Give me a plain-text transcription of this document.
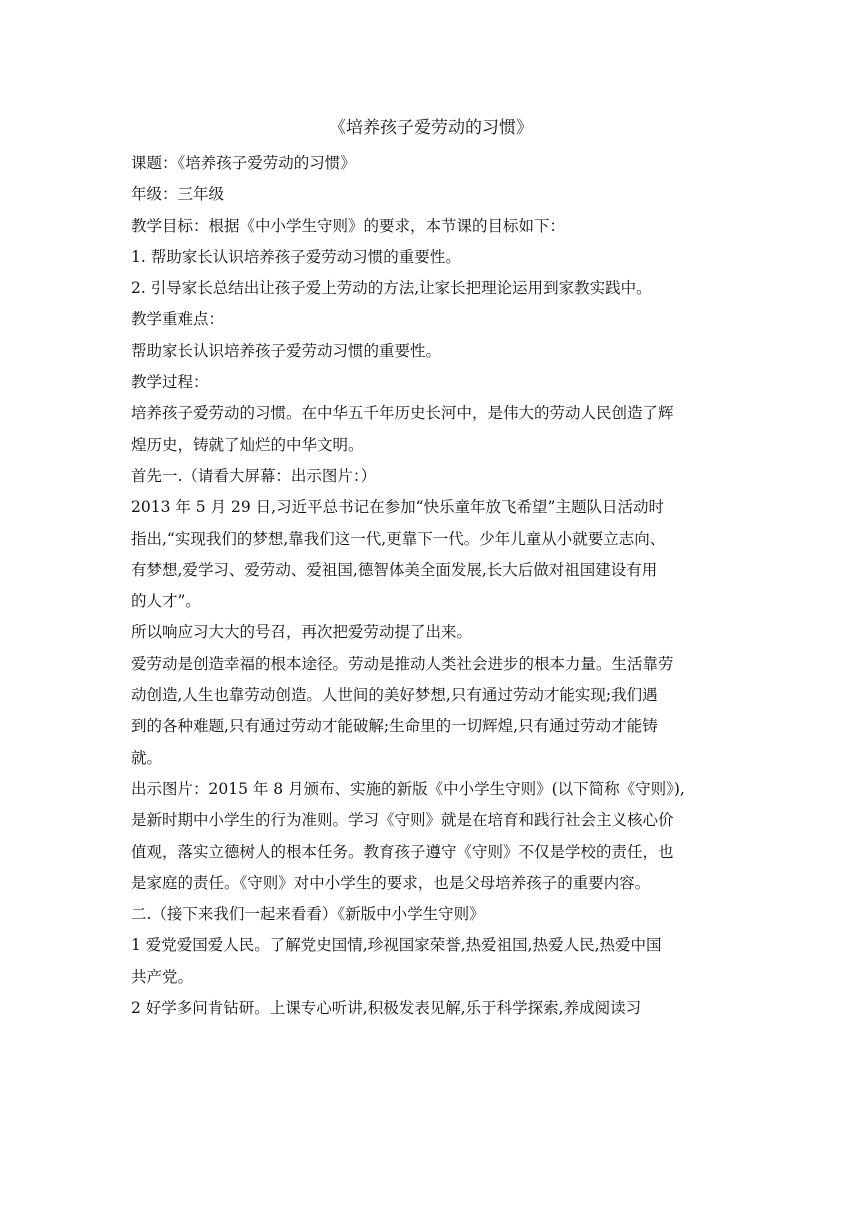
《培养孩子爱劳动的习惯》
课题：《培养孩子爱劳动的习惯》
年级：三年级
教学目标：根据《中小学生守则》的要求，本节课的目标如下：
1. 帮助家长认识培养孩子爱劳动习惯的重要性。
2. 引导家长总结出让孩子爱上劳动的方法,让家长把理论运用到家教实践中。
教学重难点：
帮助家长认识培养孩子爱劳动习惯的重要性。
教学过程：
培养孩子爱劳动的习惯。在中华五千年历史长河中，是伟大的劳动人民创造了辉
煌历史，铸就了灿烂的中华文明。
首先一.（请看大屏幕：出示图片：）
2013 年 5 月 29 日,习近平总书记在参加“快乐童年放飞希望”主题队日活动时
指出,“实现我们的梦想,靠我们这一代,更靠下一代。少年儿童从小就要立志向、
有梦想,爱学习、爱劳动、爱祖国,德智体美全面发展,长大后做对祖国建设有用
的人才”。
所以响应习大大的号召，再次把爱劳动提了出来。
爱劳动是创造幸福的根本途径。劳动是推动人类社会进步的根本力量。生活靠劳
动创造,人生也靠劳动创造。人世间的美好梦想,只有通过劳动才能实现;我们遇
到的各种难题,只有通过劳动才能破解;生命里的一切辉煌,只有通过劳动才能铸
就。
出示图片：2015 年 8 月颁布、实施的新版《中小学生守则》(以下简称《守则》),
是新时期中小学生的行为准则。学习《守则》就是在培育和践行社会主义核心价
值观，落实立德树人的根本任务。教育孩子遵守《守则》不仅是学校的责任，也
是家庭的责任。《守则》对中小学生的要求，也是父母培养孩子的重要内容。
二.（接下来我们一起来看看）《新版中小学生守则》
1 爱党爱国爱人民。了解党史国情,珍视国家荣誉,热爱祖国,热爱人民,热爱中国
共产党。
2 好学多问肯钻研。上课专心听讲,积极发表见解,乐于科学探索,养成阅读习
